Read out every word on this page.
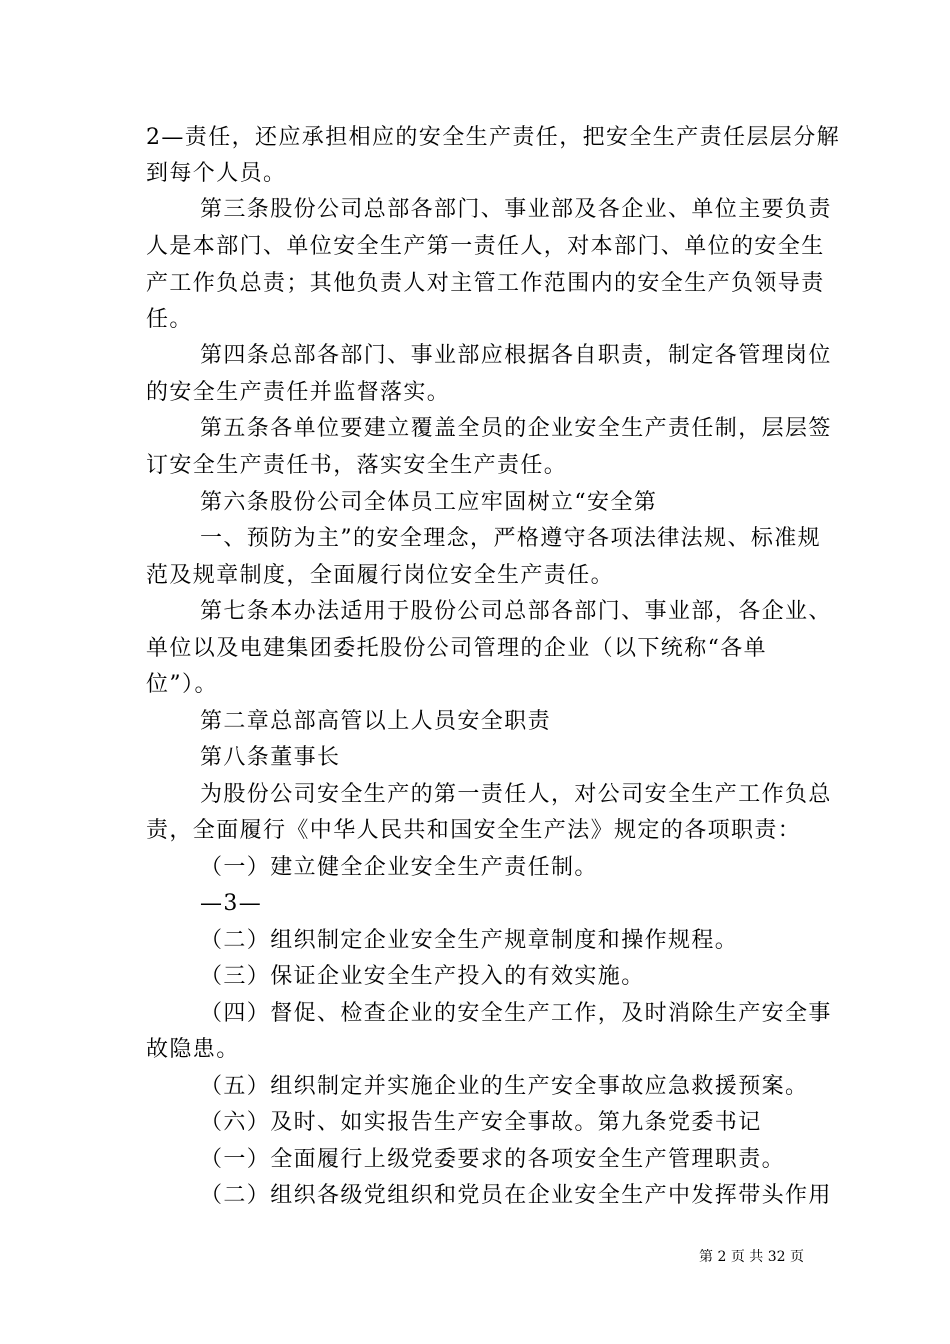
2—责任，还应承担相应的安全生产责任，把安全生产责任层层分解
到每个人员。
第三条股份公司总部各部门、事业部及各企业、单位主要负责
人是本部门、单位安全生产第一责任人，对本部门、单位的安全生
产工作负总责；其他负责人对主管工作范围内的安全生产负领导责
任。
第四条总部各部门、事业部应根据各自职责，制定各管理岗位
的安全生产责任并监督落实。
第五条各单位要建立覆盖全员的企业安全生产责任制，层层签
订安全生产责任书，落实安全生产责任。
第六条股份公司全体员工应牢固树立“安全第
一、预防为主”的安全理念，严格遵守各项法律法规、标准规
范及规章制度，全面履行岗位安全生产责任。
第七条本办法适用于股份公司总部各部门、事业部，各企业、
单位以及电建集团委托股份公司管理的企业（以下统称“各单
位”）。
第二章总部高管以上人员安全职责
第八条董事长
为股份公司安全生产的第一责任人，对公司安全生产工作负总
责，全面履行《中华人民共和国安全生产法》规定的各项职责：
（一）建立健全企业安全生产责任制。
—3—
（二）组织制定企业安全生产规章制度和操作规程。
（三）保证企业安全生产投入的有效实施。
（四）督促、检查企业的安全生产工作，及时消除生产安全事
故隐患。
（五）组织制定并实施企业的生产安全事故应急救援预案。
（六）及时、如实报告生产安全事故。第九条党委书记
（一）全面履行上级党委要求的各项安全生产管理职责。
（二）组织各级党组织和党员在企业安全生产中发挥带头作用
第 2 页 共 32 页
